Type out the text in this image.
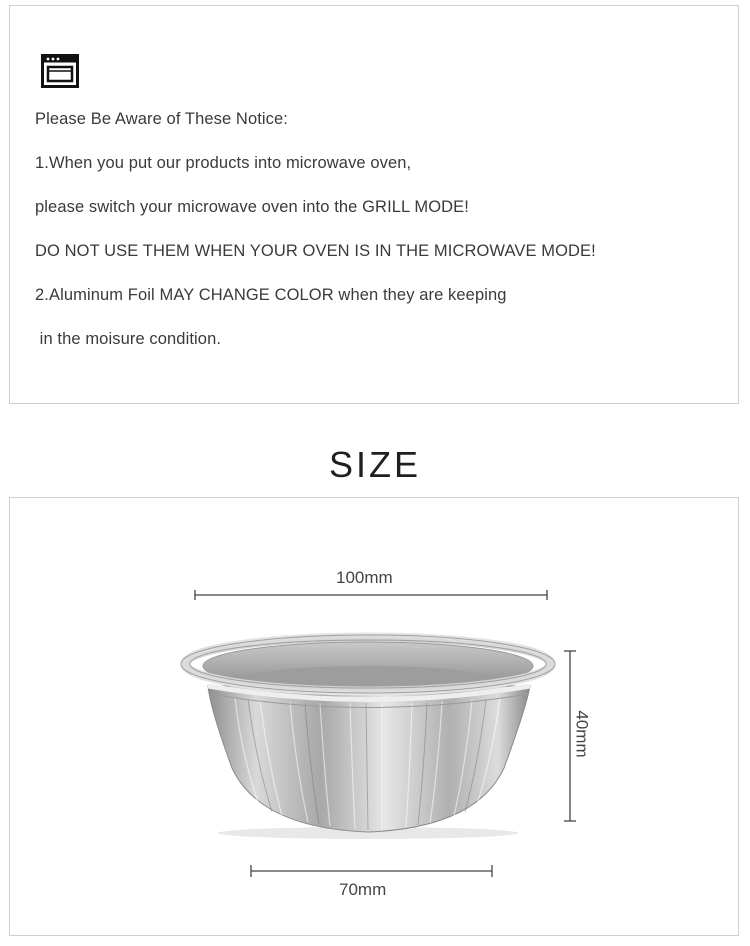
Please Be Aware of These Notice:
1.When you put our products into microwave oven,
please switch your microwave oven into the GRILL MODE!
DO NOT USE THEM WHEN YOUR OVEN IS IN THE MICROWAVE MODE!
2.Aluminum Foil MAY CHANGE COLOR when they are keeping
in the moisure condition.
SIZE
100mm
40mm
70mm
